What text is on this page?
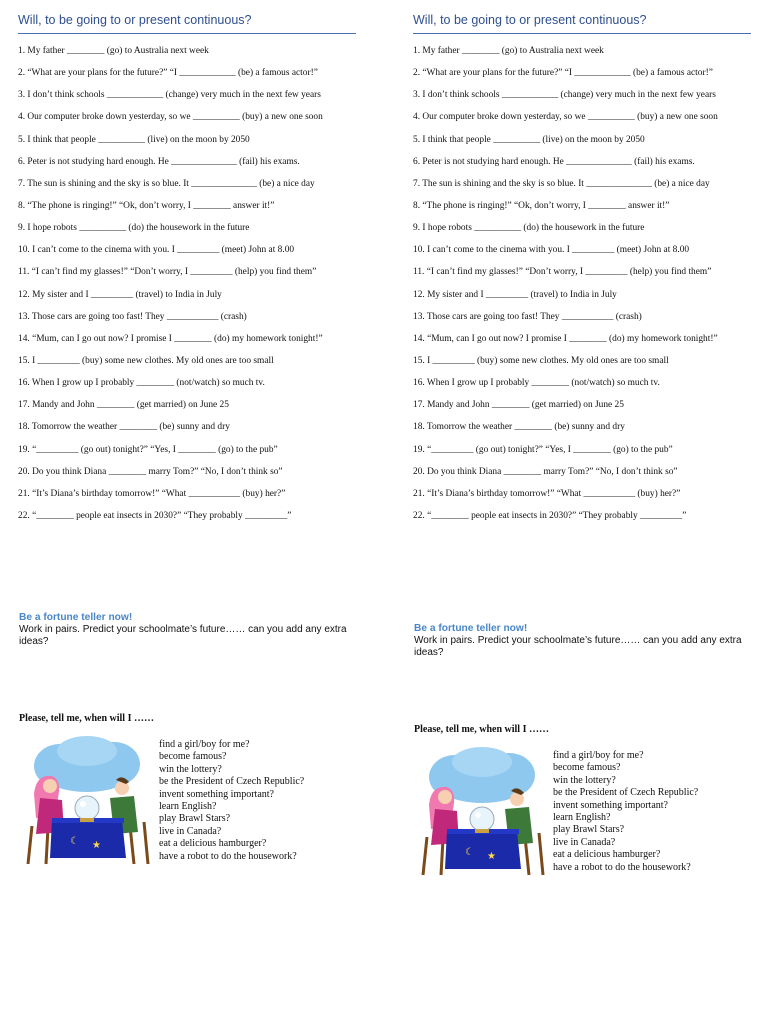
Will, to be going to or present continuous?
1. My father ________ (go) to Australia next week
2. “What are your plans for the future?” “I ____________ (be) a famous actor!”
3. I don’t think schools ____________ (change) very much in the next few years
4. Our computer broke down yesterday, so we __________ (buy) a new one soon
5. I think that people __________ (live) on the moon by 2050
6. Peter is not studying hard enough. He ______________ (fail) his exams.
7. The sun is shining and the sky is so blue. It ______________ (be) a nice day
8. “The phone is ringing!” “Ok, don’t worry, I ________ answer it!”
9. I hope robots __________ (do) the housework in the future
10. I can’t come to the cinema with you. I _________ (meet) John at 8.00
11. “I can’t find my glasses!” “Don’t worry, I _________ (help) you find them”
12. My sister and I _________ (travel) to India in July
13. Those cars are going too fast! They ___________ (crash)
14. “Mum, can I go out now? I promise I ________ (do) my homework tonight!”
15. I _________ (buy) some new clothes. My old ones are too small
16. When I grow up I probably ________ (not/watch) so much tv.
17. Mandy and John ________ (get married) on June 25
18. Tomorrow the weather ________ (be) sunny and dry
19. “_________ (go out) tonight?” “Yes, I ________ (go) to the pub”
20. Do you think Diana ________ marry Tom?” “No, I don’t think so”
21. “It’s Diana’s birthday tomorrow!” “What ___________ (buy) her?”
22. “________ people eat insects in 2030?” “They probably _________”
Be a fortune teller now!
Work in pairs. Predict your schoolmate’s future…… can you add any extra
ideas?
Please, tell me, when will I ……
☾ ★
find a girl/boy for me?
become famous?
win the lottery?
be the President of Czech Republic?
invent something important?
learn English?
play Brawl Stars?
live in Canada?
eat a delicious hamburger?
have a robot to do the housework?
Will, to be going to or present continuous?
1. My father ________ (go) to Australia next week
2. “What are your plans for the future?” “I ____________ (be) a famous actor!”
3. I don’t think schools ____________ (change) very much in the next few years
4. Our computer broke down yesterday, so we __________ (buy) a new one soon
5. I think that people __________ (live) on the moon by 2050
6. Peter is not studying hard enough. He ______________ (fail) his exams.
7. The sun is shining and the sky is so blue. It ______________ (be) a nice day
8. “The phone is ringing!” “Ok, don’t worry, I ________ answer it!”
9. I hope robots __________ (do) the housework in the future
10. I can’t come to the cinema with you. I _________ (meet) John at 8.00
11. “I can’t find my glasses!” “Don’t worry, I _________ (help) you find them”
12. My sister and I _________ (travel) to India in July
13. Those cars are going too fast! They ___________ (crash)
14. “Mum, can I go out now? I promise I ________ (do) my homework tonight!”
15. I _________ (buy) some new clothes. My old ones are too small
16. When I grow up I probably ________ (not/watch) so much tv.
17. Mandy and John ________ (get married) on June 25
18. Tomorrow the weather ________ (be) sunny and dry
19. “_________ (go out) tonight?” “Yes, I ________ (go) to the pub”
20. Do you think Diana ________ marry Tom?” “No, I don’t think so”
21. “It’s Diana’s birthday tomorrow!” “What ___________ (buy) her?”
22. “________ people eat insects in 2030?” “They probably _________”
Be a fortune teller now!
Work in pairs. Predict your schoolmate’s future…… can you add any extra
ideas?
Please, tell me, when will I ……
☾ ★
find a girl/boy for me?
become famous?
win the lottery?
be the President of Czech Republic?
invent something important?
learn English?
play Brawl Stars?
live in Canada?
eat a delicious hamburger?
have a robot to do the housework?
